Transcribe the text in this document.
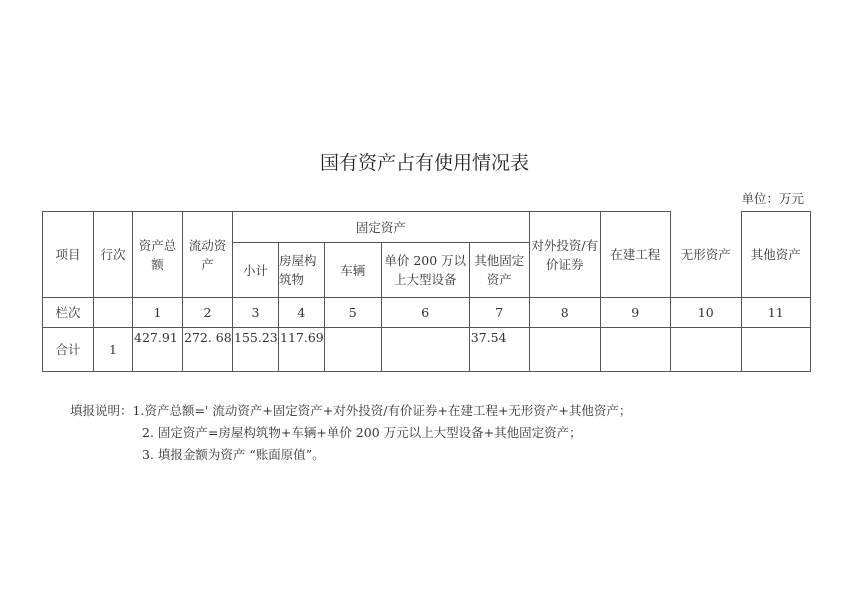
国有资产占有使用情况表
单位：万元
项目	行次	资产总额	流动资产	固定资产					对外投资/有价证券	在建工程	无形资产	其他资产
				小计	房屋构筑物	车辆	单价 200 万以上大型设备	其他固定资产				
栏次		1	2	3	4	5	6	7	8	9	10	11
合计	1	427.91	272. 68	155.23	117.69			37.54				
填报说明：1.资产总额=' 流动资产+固定资产+对外投资/有价证券+在建工程+无形资产+其他资产；
2. 固定资产=房屋构筑物+车辆+单价 200 万元以上大型设备+其他固定资产；
3. 填报金额为资产 “账面原值”。
